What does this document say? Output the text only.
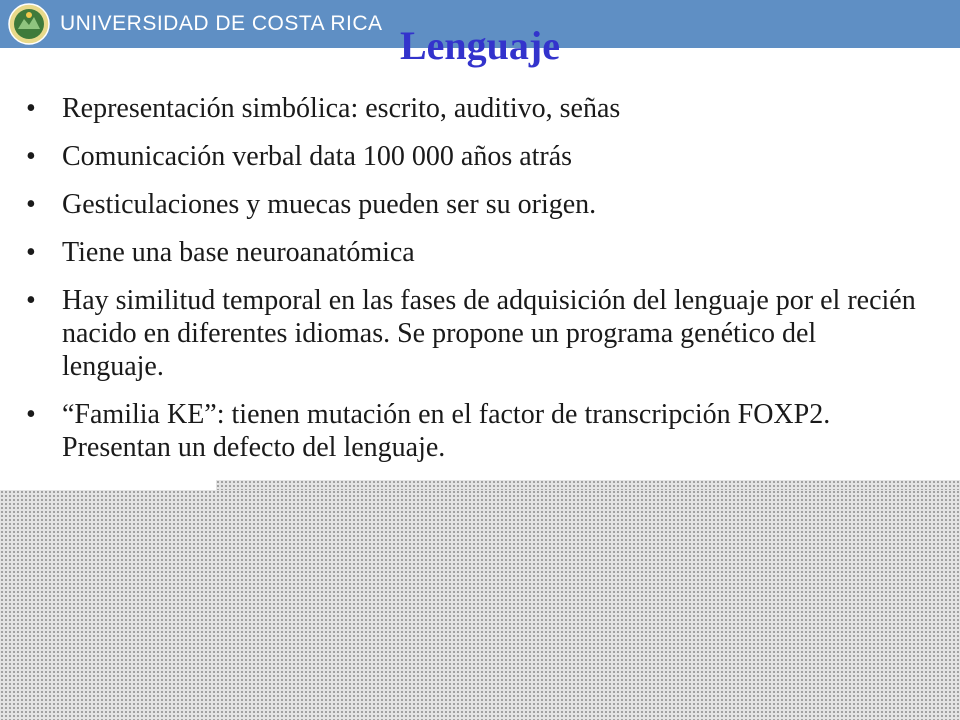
UNIVERSIDAD DE COSTA RICA Lenguaje
• Representación simbólica: escrito, auditivo, señas
• Comunicación verbal data 100 000 años atrás
• Gesticulaciones y muecas pueden ser su origen.
• Tiene una base neuroanatómica
• Hay similitud temporal en las fases de adquisición del lenguaje por el recién nacido en diferentes idiomas. Se propone un programa genético del lenguaje.
• “Familia KE”: tienen mutación en el factor de transcripción FOXP2. Presentan un defecto del lenguaje.
